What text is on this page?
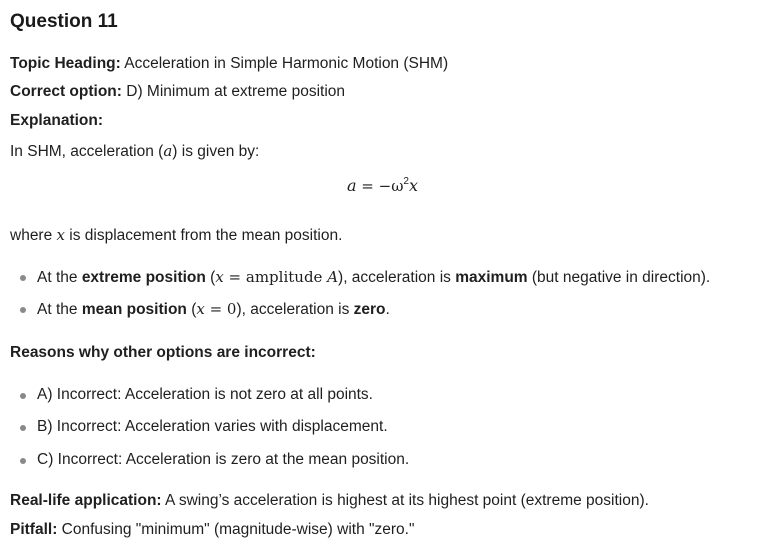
Question 11
Topic Heading: Acceleration in Simple Harmonic Motion (SHM)
Correct option: D) Minimum at extreme position
Explanation:
In SHM, acceleration (a) is given by:
$a = -\omega^2x$
where x is displacement from the mean position.
At the extreme position (x = amplitude A), acceleration is maximum (but negative in direction).
At the mean position (x = 0), acceleration is zero.
Reasons why other options are incorrect:
A) Incorrect: Acceleration is not zero at all points.
B) Incorrect: Acceleration varies with displacement.
C) Incorrect: Acceleration is zero at the mean position.
Real-life application: A swing’s acceleration is highest at its highest point (extreme position).
Pitfall: Confusing "minimum" (magnitude-wise) with "zero."
